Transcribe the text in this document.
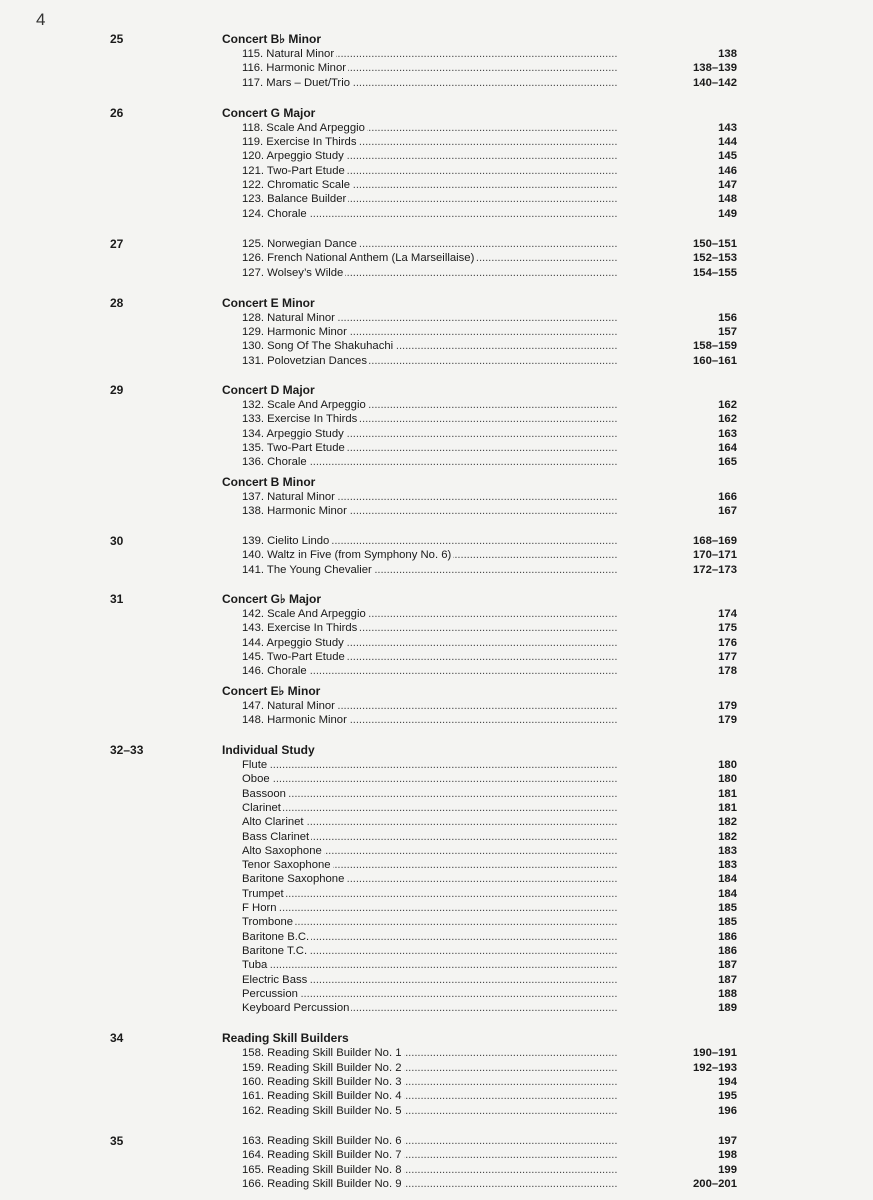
4
25	Concert B♭ Minor
115. Natural Minor	138
. . .
116. Harmonic Minor	138–139
. . .
117. Mars – Duet/Trio	140–142
. . .
26	Concert G Major
118. Scale And Arpeggio	143
. . .
119. Exercise In Thirds	144
. . .
120. Arpeggio Study	145
. . .
121. Two-Part Etude	146
. . .
122. Chromatic Scale	147
. . .
123. Balance Builder	148
. . .
124. Chorale	149
. . .
27	125. Norwegian Dance	150–151
. . .
126. French National Anthem (La Marseillaise)	152–153
. . .
127. Wolsey’s Wilde	154–155
. . .
28	Concert E Minor
128. Natural Minor	156
. . .
129. Harmonic Minor	157
. . .
130. Song Of The Shakuhachi	158–159
. . .
131. Polovetzian Dances	160–161
. . .
29	Concert D Major
132. Scale And Arpeggio	162
. . .
133. Exercise In Thirds	162
. . .
134. Arpeggio Study	163
. . .
135. Two-Part Etude	164
. . .
136. Chorale	165
. . .
Concert B Minor
137. Natural Minor	166
. . .
138. Harmonic Minor	167
. . .
30	139. Cielito Lindo	168–169
. . .
140. Waltz in Five (from Symphony No. 6)	170–171
. . .
141. The Young Chevalier	172–173
. . .
31	Concert G♭ Major
142. Scale And Arpeggio	174
. . .
143. Exercise In Thirds	175
. . .
144. Arpeggio Study	176
. . .
145. Two-Part Etude	177
. . .
146. Chorale	178
. . .
Concert E♭ Minor
147. Natural Minor	179
. . .
148. Harmonic Minor	179
. . .
32–33	Individual Study
Flute	180
. . .
Oboe	180
. . .
Bassoon	181
. . .
Clarinet	181
. . .
Alto Clarinet	182
. . .
Bass Clarinet	182
. . .
Alto Saxophone	183
. . .
Tenor Saxophone	183
. . .
Baritone Saxophone	184
. . .
Trumpet	184
. . .
F Horn	185
. . .
Trombone	185
. . .
Baritone B.C.	186
. . .
Baritone T.C.	186
. . .
Tuba	187
. . .
Electric Bass	187
. . .
Percussion	188
. . .
Keyboard Percussion	189
. . .
34	Reading Skill Builders
158. Reading Skill Builder No. 1	190–191
. . .
159. Reading Skill Builder No. 2	192–193
. . .
160. Reading Skill Builder No. 3	194
. . .
161. Reading Skill Builder No. 4	195
. . .
162. Reading Skill Builder No. 5	196
. . .
35	163. Reading Skill Builder No. 6	197
. . .
164. Reading Skill Builder No. 7	198
. . .
165. Reading Skill Builder No. 8	199
. . .
166. Reading Skill Builder No. 9	200–201
. . .
